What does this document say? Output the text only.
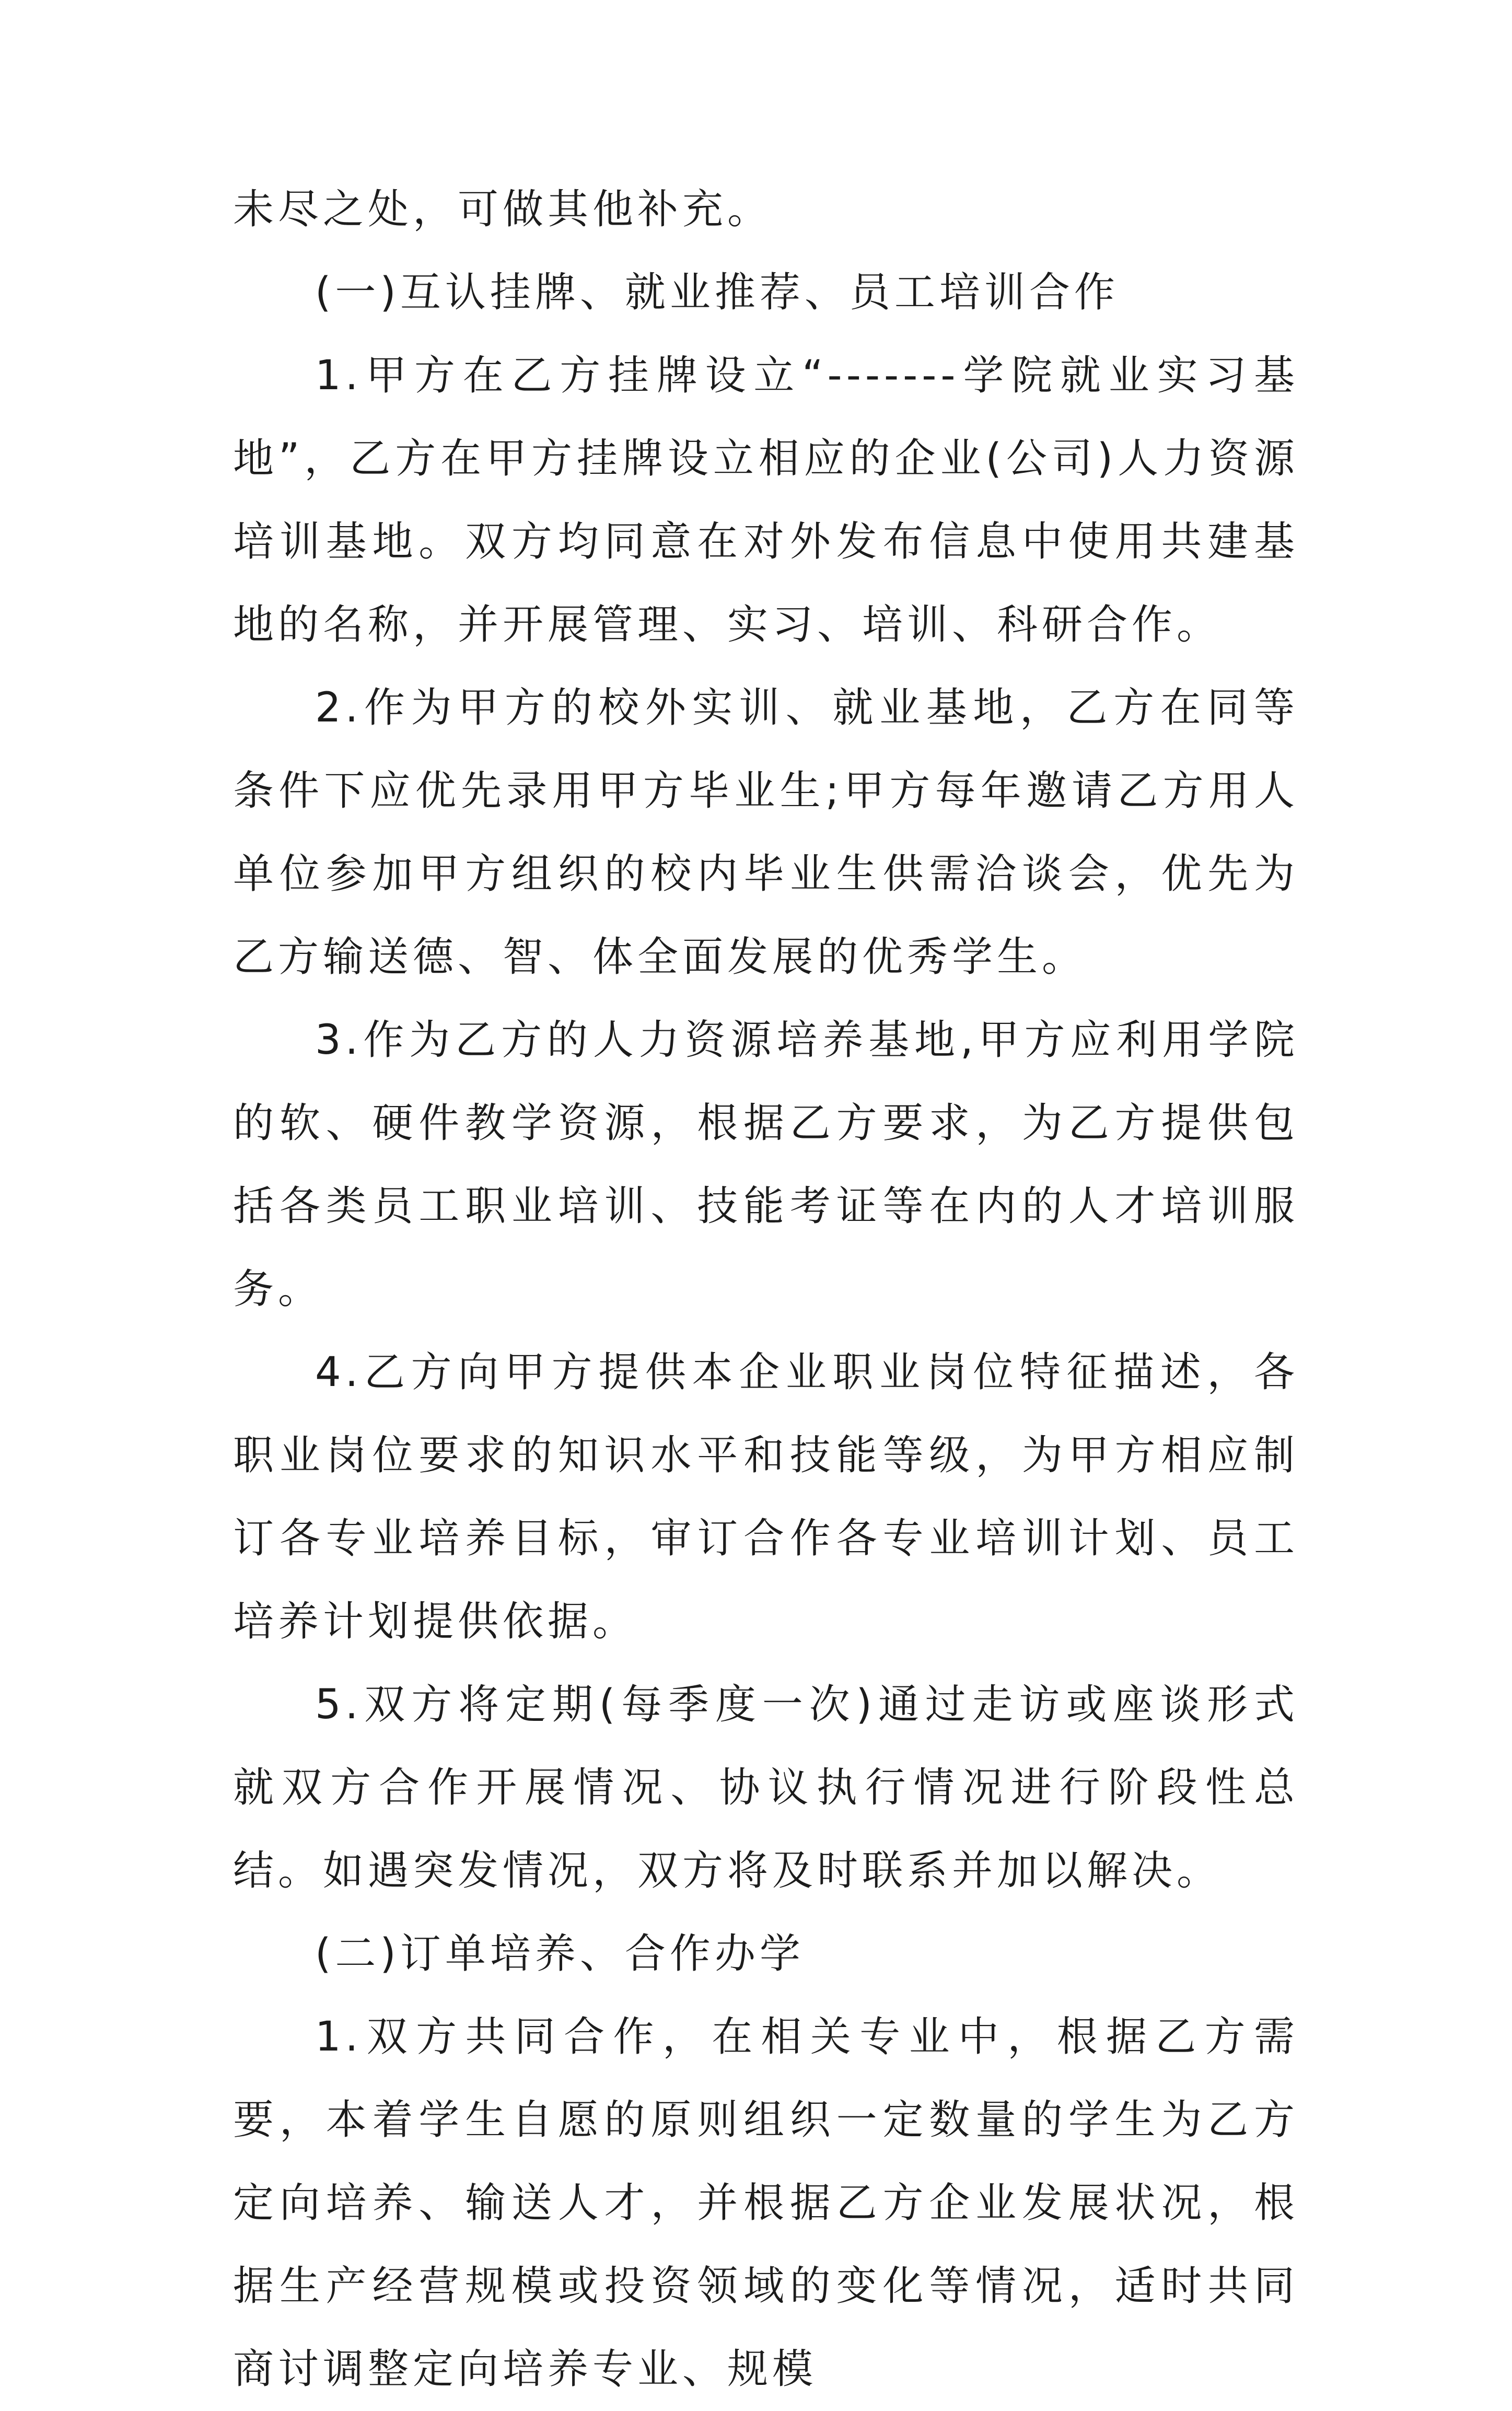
未尽之处，可做其他补充。

(一)互认挂牌、就业推荐、员工培训合作

1.甲方在乙方挂牌设立“-------学院就业实习基地”，乙方在甲方挂牌设立相应的企业(公司)人力资源培训基地。双方均同意在对外发布信息中使用共建基地的名称，并开展管理、实习、培训、科研合作。

2.作为甲方的校外实训、就业基地，乙方在同等条件下应优先录用甲方毕业生;甲方每年邀请乙方用人单位参加甲方组织的校内毕业生供需洽谈会，优先为乙方输送德、智、体全面发展的优秀学生。

3.作为乙方的人力资源培养基地,甲方应利用学院的软、硬件教学资源，根据乙方要求，为乙方提供包括各类员工职业培训、技能考证等在内的人才培训服务。

4.乙方向甲方提供本企业职业岗位特征描述，各职业岗位要求的知识水平和技能等级，为甲方相应制订各专业培养目标，审订合作各专业培训计划、员工培养计划提供依据。

5.双方将定期(每季度一次)通过走访或座谈形式就双方合作开展情况、协议执行情况进行阶段性总结。如遇突发情况，双方将及时联系并加以解决。

(二)订单培养、合作办学

1.双方共同合作，在相关专业中，根据乙方需要，本着学生自愿的原则组织一定数量的学生为乙方定向培养、输送人才，并根据乙方企业发展状况，根据生产经营规模或投资领域的变化等情况，适时共同商讨调整定向培养专业、规模
